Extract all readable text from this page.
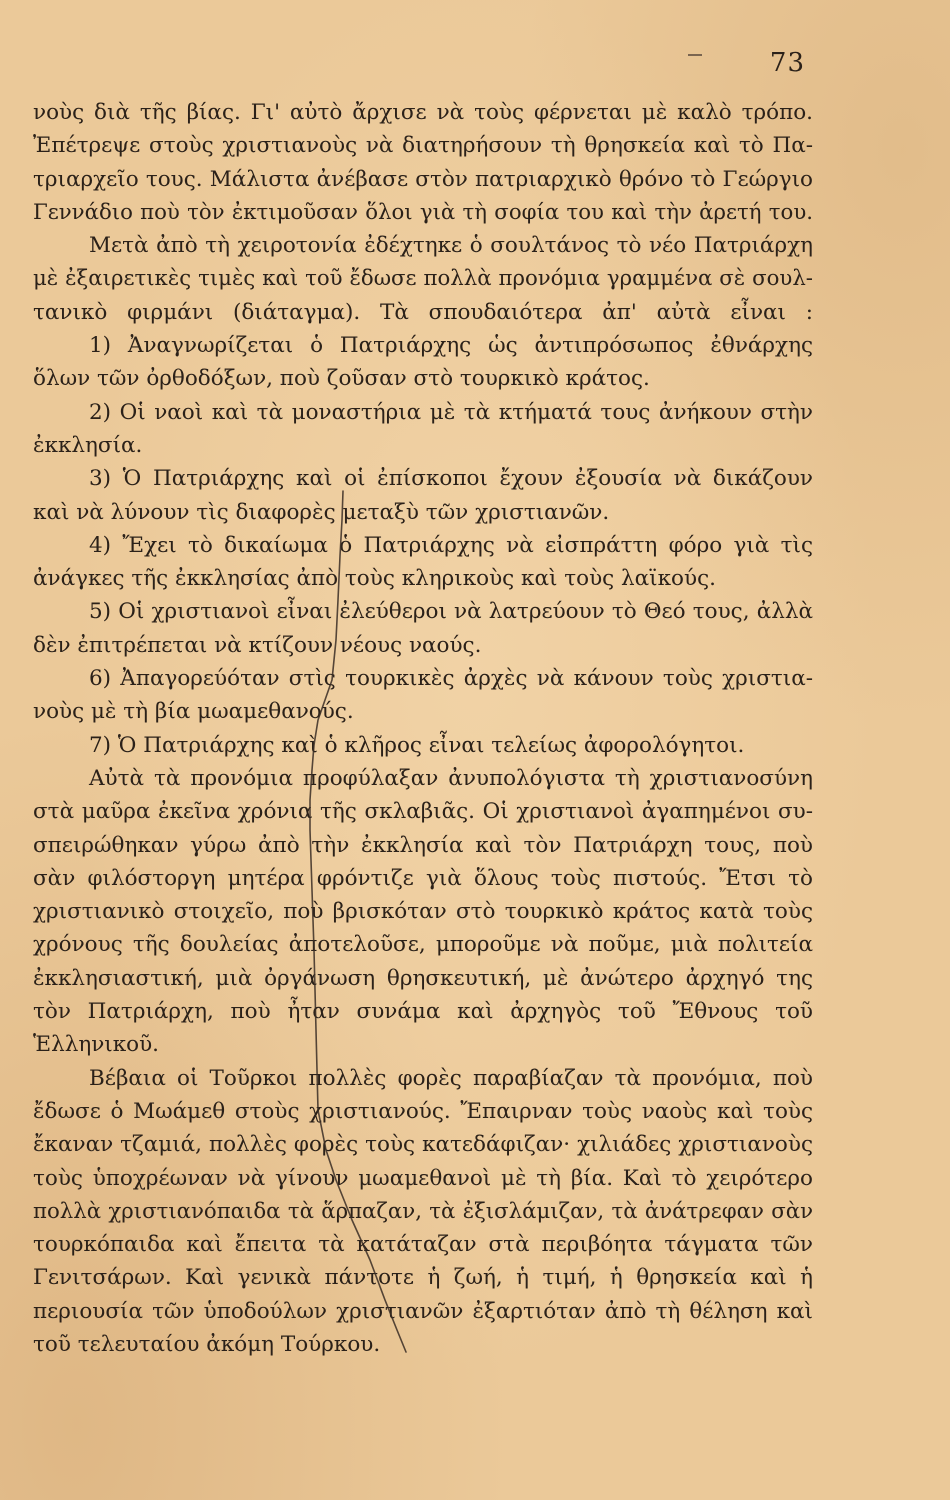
73
νοὺς διὰ τῆς βίας. Γι' αὐτὸ ἄρχισε νὰ τοὺς φέρνεται μὲ καλὸ τρόπο.
Ἐπέτρεψε στοὺς χριστιανοὺς νὰ διατηρήσουν τὴ θρησκεία καὶ τὸ Πα-
τριαρχεῖο τους. Μάλιστα ἀνέβασε στὸν πατριαρχικὸ θρόνο τὸ Γεώργιο
Γεννάδιο ποὺ τὸν ἐκτιμοῦσαν ὅλοι γιὰ τὴ σοφία του καὶ τὴν ἀρετή του.
Μετὰ ἀπὸ τὴ χειροτονία ἐδέχτηκε ὁ σουλτάνος τὸ νέο Πατριάρχη
μὲ ἐξαιρετικὲς τιμὲς καὶ τοῦ ἔδωσε πολλὰ προνόμια γραμμένα σὲ σουλ-
τανικὸ φιρμάνι (διάταγμα). Τὰ σπουδαιότερα ἀπ' αὐτὰ εἶναι :
1) Ἀναγνωρίζεται ὁ Πατριάρχης ὡς ἀντιπρόσωπος ἐθνάρχης
ὅλων τῶν ὀρθοδόξων, ποὺ ζοῦσαν στὸ τουρκικὸ κράτος.
2) Οἱ ναοὶ καὶ τὰ μοναστήρια μὲ τὰ κτήματά τους ἀνήκουν στὴν
ἐκκλησία.
3) Ὁ Πατριάρχης καὶ οἱ ἐπίσκοποι ἔχουν ἐξουσία νὰ δικάζουν
καὶ νὰ λύνουν τὶς διαφορὲς μεταξὺ τῶν χριστιανῶν.
4) Ἔχει τὸ δικαίωμα ὁ Πατριάρχης νὰ εἰσπράττη φόρο γιὰ τὶς
ἀνάγκες τῆς ἐκκλησίας ἀπὸ τοὺς κληρικοὺς καὶ τοὺς λαϊκούς.
5) Οἱ χριστιανοὶ εἶναι ἐλεύθεροι νὰ λατρεύουν τὸ Θεό τους, ἀλλὰ
δὲν ἐπιτρέπεται νὰ κτίζουν νέους ναούς.
6) Ἀπαγορεύόταν στὶς τουρκικὲς ἀρχὲς νὰ κάνουν τοὺς χριστια-
νοὺς μὲ τὴ βία μωαμεθανούς.
7) Ὁ Πατριάρχης καὶ ὁ κλῆρος εἶναι τελείως ἀφορολόγητοι.
Αὐτὰ τὰ προνόμια προφύλαξαν ἀνυπολόγιστα τὴ χριστιανοσύνη
στὰ μαῦρα ἐκεῖνα χρόνια τῆς σκλαβιᾶς. Οἱ χριστιανοὶ ἀγαπημένοι συ-
σπειρώθηκαν γύρω ἀπὸ τὴν ἐκκλησία καὶ τὸν Πατριάρχη τους, ποὺ
σὰν φιλόστοργη μητέρα φρόντιζε γιὰ ὅλους τοὺς πιστούς. Ἔτσι τὸ
χριστιανικὸ στοιχεῖο, ποὺ βρισκόταν στὸ τουρκικὸ κράτος κατὰ τοὺς
χρόνους τῆς δουλείας ἀποτελοῦσε, μποροῦμε νὰ ποῦμε, μιὰ πολιτεία
ἐκκλησιαστική, μιὰ ὀργάνωση θρησκευτική, μὲ ἀνώτερο ἀρχηγό της
τὸν Πατριάρχη, ποὺ ἦταν συνάμα καὶ ἀρχηγὸς τοῦ Ἔθνους τοῦ
Ἑλληνικοῦ.
Βέβαια οἱ Τοῦρκοι πολλὲς φορὲς παραβίαζαν τὰ προνόμια, ποὺ
ἔδωσε ὁ Μωάμεθ στοὺς χριστιανούς. Ἔπαιρναν τοὺς ναοὺς καὶ τοὺς
ἔκαναν τζαμιά, πολλὲς φορὲς τοὺς κατεδάφιζαν· χιλιάδες χριστιανοὺς
τοὺς ὑποχρέωναν νὰ γίνουν μωαμεθανοὶ μὲ τὴ βία. Καὶ τὸ χειρότερο
πολλὰ χριστιανόπαιδα τὰ ἅρπαζαν, τὰ ἐξισλάμιζαν, τὰ ἀνάτρεφαν σὰν
τουρκόπαιδα καὶ ἔπειτα τὰ κατάταζαν στὰ περιβόητα τάγματα τῶν
Γενιτσάρων. Καὶ γενικὰ πάντοτε ἡ ζωή, ἡ τιμή, ἡ θρησκεία καὶ ἡ
περιουσία τῶν ὑποδούλων χριστιανῶν ἐξαρτιόταν ἀπὸ τὴ θέληση καὶ
τοῦ τελευταίου ἀκόμη Τούρκου.
